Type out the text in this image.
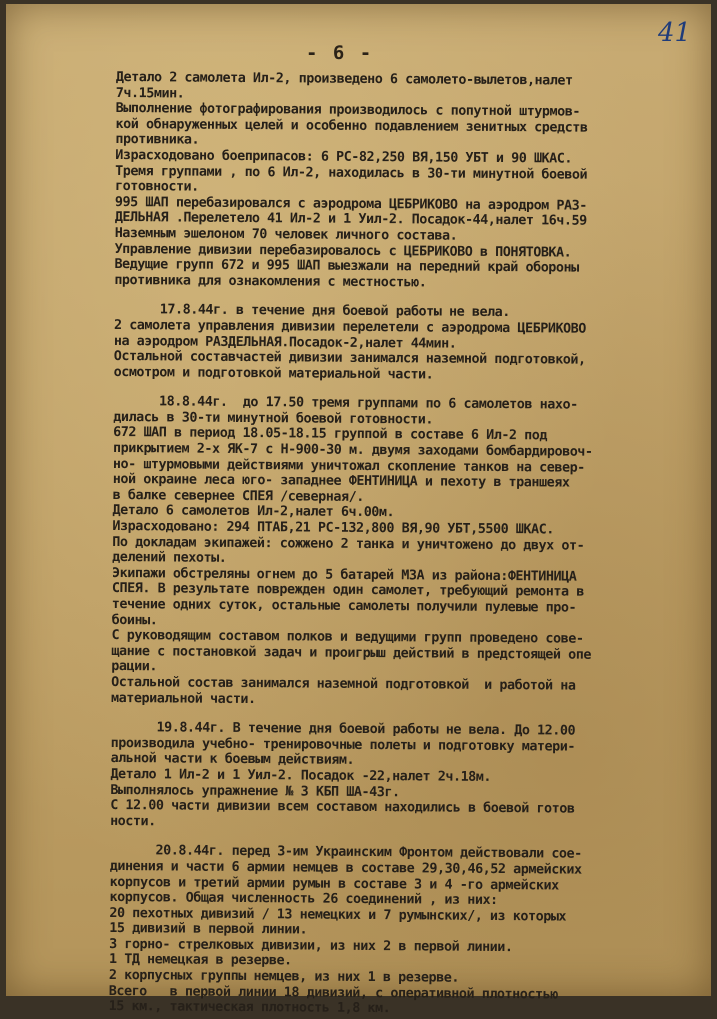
41
- 6 -
Детало 2 самолета Ил-2, произведено 6 самолето-вылетов,налет
7ч.15мин.
Выполнение фотографирования производилось с попутной штурмов-
кой обнаруженных целей и особенно подавлением зенитных средств
противника.
Израсходовано боеприпасов: 6 РС-82,250 ВЯ,150 УБТ и 90 ШКАС.
Тремя группами , по 6 Ил-2, находилась в 30-ти минутной боевой
готовности.
995 ШАП перебазировался с аэродрома ЦЕБРИКОВО на аэродром РАЗ-
ДЕЛЬНАЯ .Перелетело 41 Ил-2 и 1 Уил-2. Посадок-44,налет 16ч.59
Наземным эшелоном 70 человек личного состава.
Управление дивизии перебазировалось с ЦЕБРИКОВО в ПОНЯТОВКА.
Ведущие групп 672 и 995 ШАП выезжали на передний край обороны
противника для ознакомления с местностью.
17.8.44г. в течение дня боевой работы не вела.
2 самолета управления дивизии перелетели с аэродрома ЦЕБРИКОВО
на аэродром РАЗДЕЛЬНАЯ.Посадок-2,налет 44мин.
Остальной составчастей дивизии занимался наземной подготовкой,
осмотром и подготовкой материальной части.
18.8.44г.  до 17.50 тремя группами по 6 самолетов нахо-
дилась в 30-ти минутной боевой готовности.
672 ШАП в период 18.05-18.15 группой в составе 6 Ил-2 под
прикрытием 2-х ЯК-7 с Н-900-30 м. двумя заходами бомбардировоч-
но- штурмовыми действиями уничтожал скопление танков на север-
ной окраине леса юго- западнее ФЕНТИНИЦА и пехоту в траншеях
в балке севернее СПЕЯ /северная/.
Детало 6 самолетов Ил-2,налет 6ч.00м.
Израсходовано: 294 ПТАБ,21 РС-132,800 ВЯ,90 УБТ,5500 ШКАС.
По докладам экипажей: сожжено 2 танка и уничтожено до двух от-
делений пехоты.
Экипажи обстреляны огнем до 5 батарей МЗА из района:ФЕНТИНИЦА
СПЕЯ. В результате поврежден один самолет, требующий ремонта в
течение одних суток, остальные самолеты получили пулевые про-
боины.
С руководящим составом полков и ведущими групп проведено сове-
щание с постановкой задач и проигрыш действий в предстоящей опе
рации.
Остальной состав занимался наземной подготовкой  и работой на
материальной части.
19.8.44г. В течение дня боевой работы не вела. До 12.00
производила учебно- тренировочные полеты и подготовку матери-
альной части к боевым действиям.
Детало 1 Ил-2 и 1 Уил-2. Посадок -22,налет 2ч.18м.
Выполнялось упражнение № 3 КБП ША-43г.
С 12.00 части дивизии всем составом находились в боевой готов
ности.
20.8.44г. перед 3-им Украинским Фронтом действовали сое-
динения и части 6 армии немцев в составе 29,30,46,52 армейских
корпусов и третий армии румын в составе 3 и 4 -го армейских
корпусов. Общая численность 26 соединений , из них:
20 пехотных дивизий / 13 немецких и 7 румынских/, из которых
15 дивизий в первой линии.
3 горно- стрелковых дивизии, из них 2 в первой линии.
1 ТД немецкая в резерве.
2 корпусных группы немцев, из них 1 в резерве.
Всего   в первой линии 18 дивизий, с оперативной плотностью
15 км., тактическая плотность 1,8 км.
